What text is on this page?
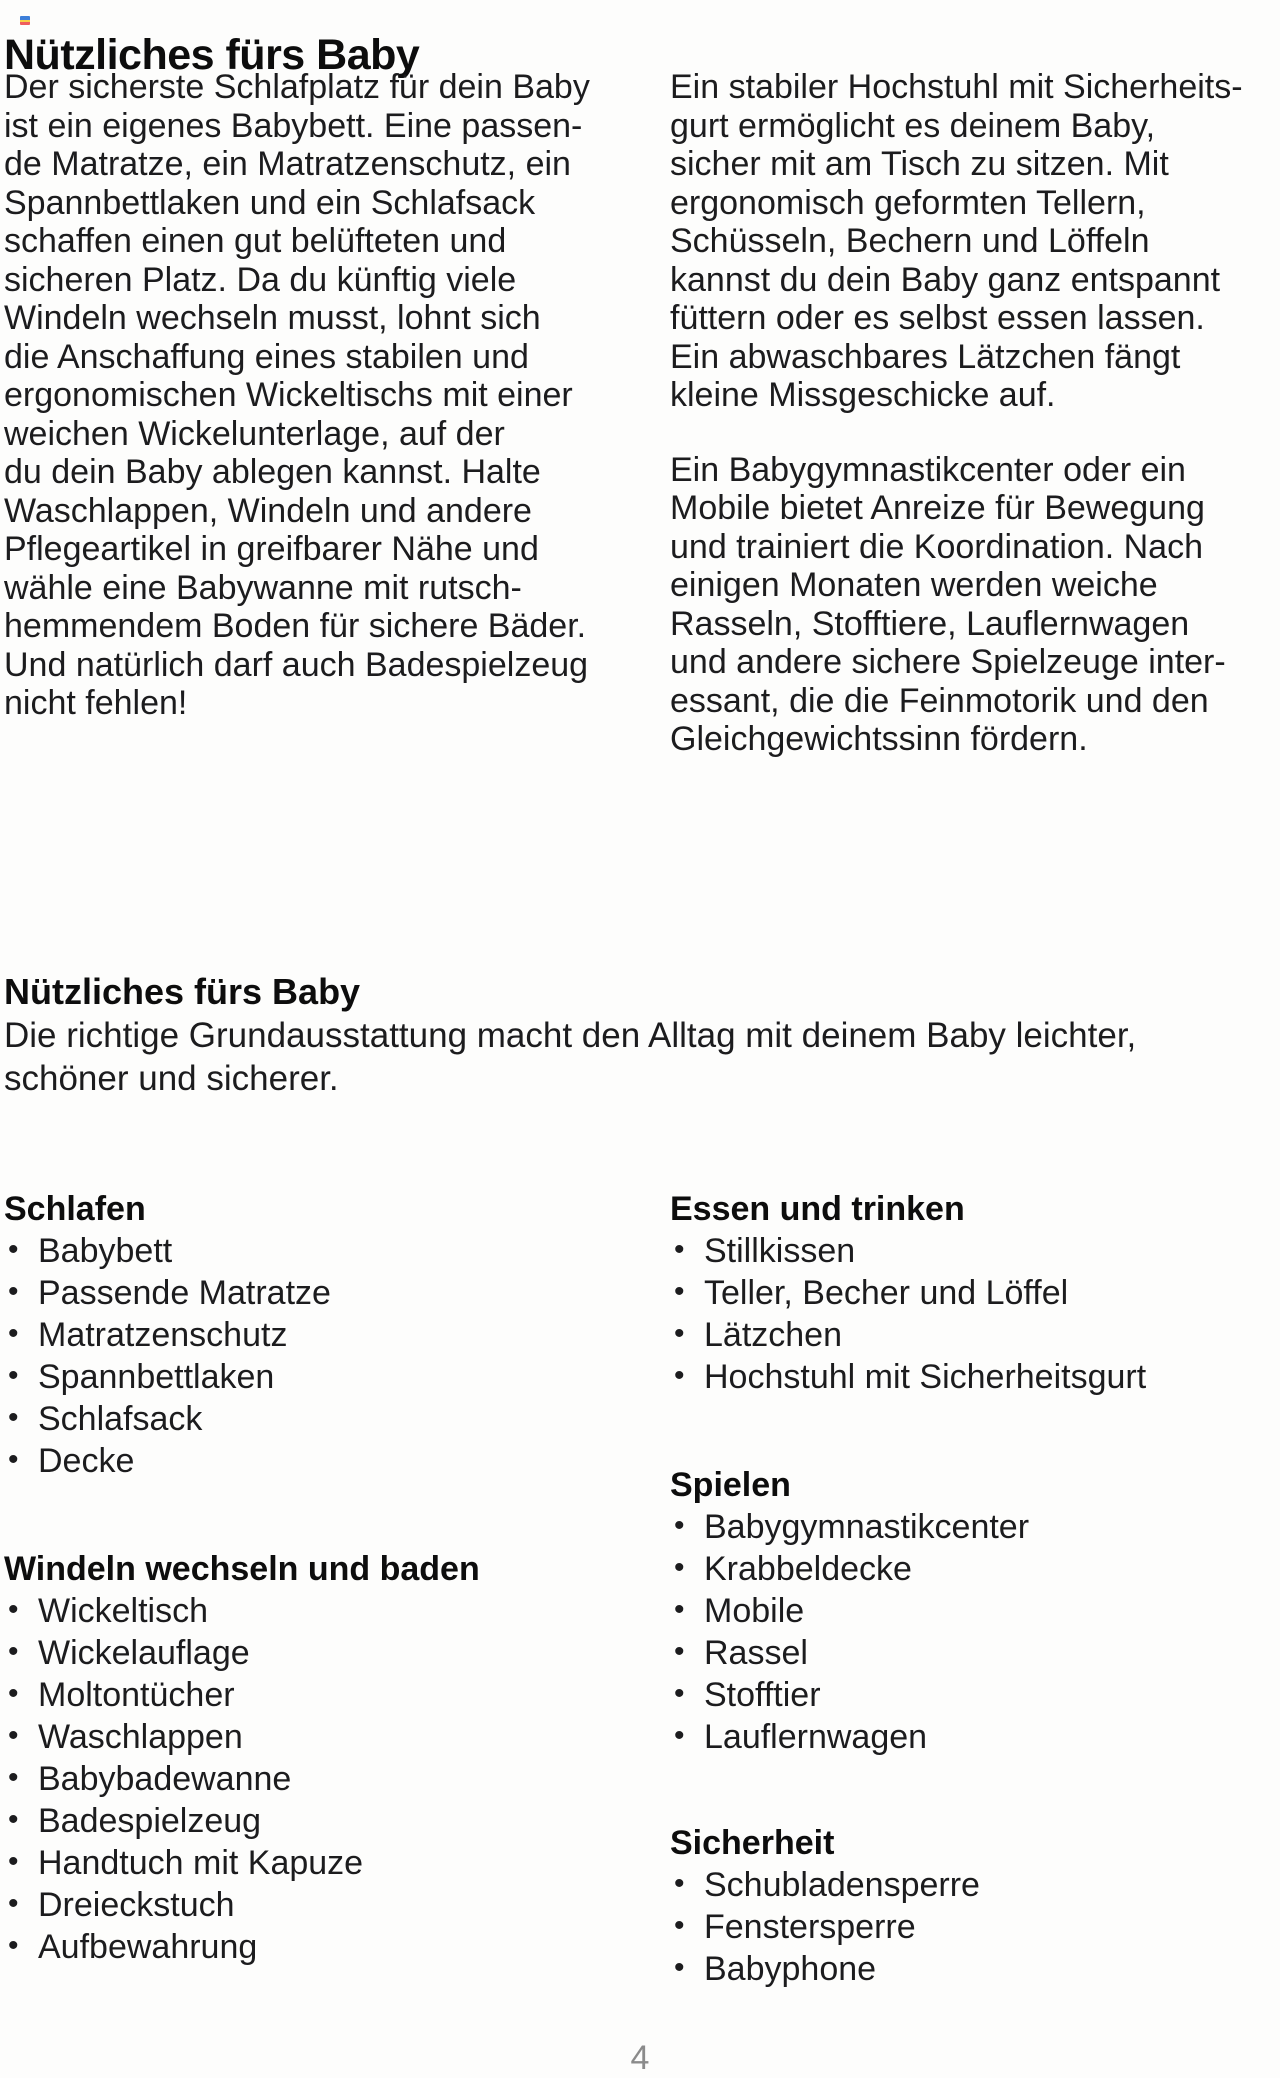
Nützliches fürs Baby
Der sicherste Schlafplatz für dein Baby
ist ein eigenes Babybett. Eine passen-
de Matratze, ein Matratzenschutz, ein
Spannbettlaken und ein Schlafsack
schaffen einen gut belüfteten und
sicheren Platz. Da du künftig viele
Windeln wechseln musst, lohnt sich
die Anschaffung eines stabilen und
ergonomischen Wickeltischs mit einer
weichen Wickelunterlage, auf der
du dein Baby ablegen kannst. Halte
Waschlappen, Windeln und andere
Pflegeartikel in greifbarer Nähe und
wähle eine Babywanne mit rutsch-
hemmendem Boden für sichere Bäder.
Und natürlich darf auch Badespielzeug
nicht fehlen!
Ein stabiler Hochstuhl mit Sicherheits-
gurt ermöglicht es deinem Baby,
sicher mit am Tisch zu sitzen. Mit
ergonomisch geformten Tellern,
Schüsseln, Bechern und Löffeln
kannst du dein Baby ganz entspannt
füttern oder es selbst essen lassen.
Ein abwaschbares Lätzchen fängt
kleine Missgeschicke auf.
Ein Babygymnastikcenter oder ein
Mobile bietet Anreize für Bewegung
und trainiert die Koordination. Nach
einigen Monaten werden weiche
Rasseln, Stofftiere, Lauflernwagen
und andere sichere Spielzeuge inter-
essant, die die Feinmotorik und den
Gleichgewichtssinn fördern.
Nützliches fürs Baby
Die richtige Grundausstattung macht den Alltag mit deinem Baby leichter,
schöner und sicherer.
Schlafen
• Babybett
• Passende Matratze
• Matratzenschutz
• Spannbettlaken
• Schlafsack
• Decke
Windeln wechseln und baden
• Wickeltisch
• Wickelauflage
• Moltontücher
• Waschlappen
• Babybadewanne
• Badespielzeug
• Handtuch mit Kapuze
• Dreieckstuch
• Aufbewahrung
Essen und trinken
• Stillkissen
• Teller, Becher und Löffel
• Lätzchen
• Hochstuhl mit Sicherheitsgurt
Spielen
• Babygymnastikcenter
• Krabbeldecke
• Mobile
• Rassel
• Stofftier
• Lauflernwagen
Sicherheit
• Schubladensperre
• Fenstersperre
• Babyphone
4
